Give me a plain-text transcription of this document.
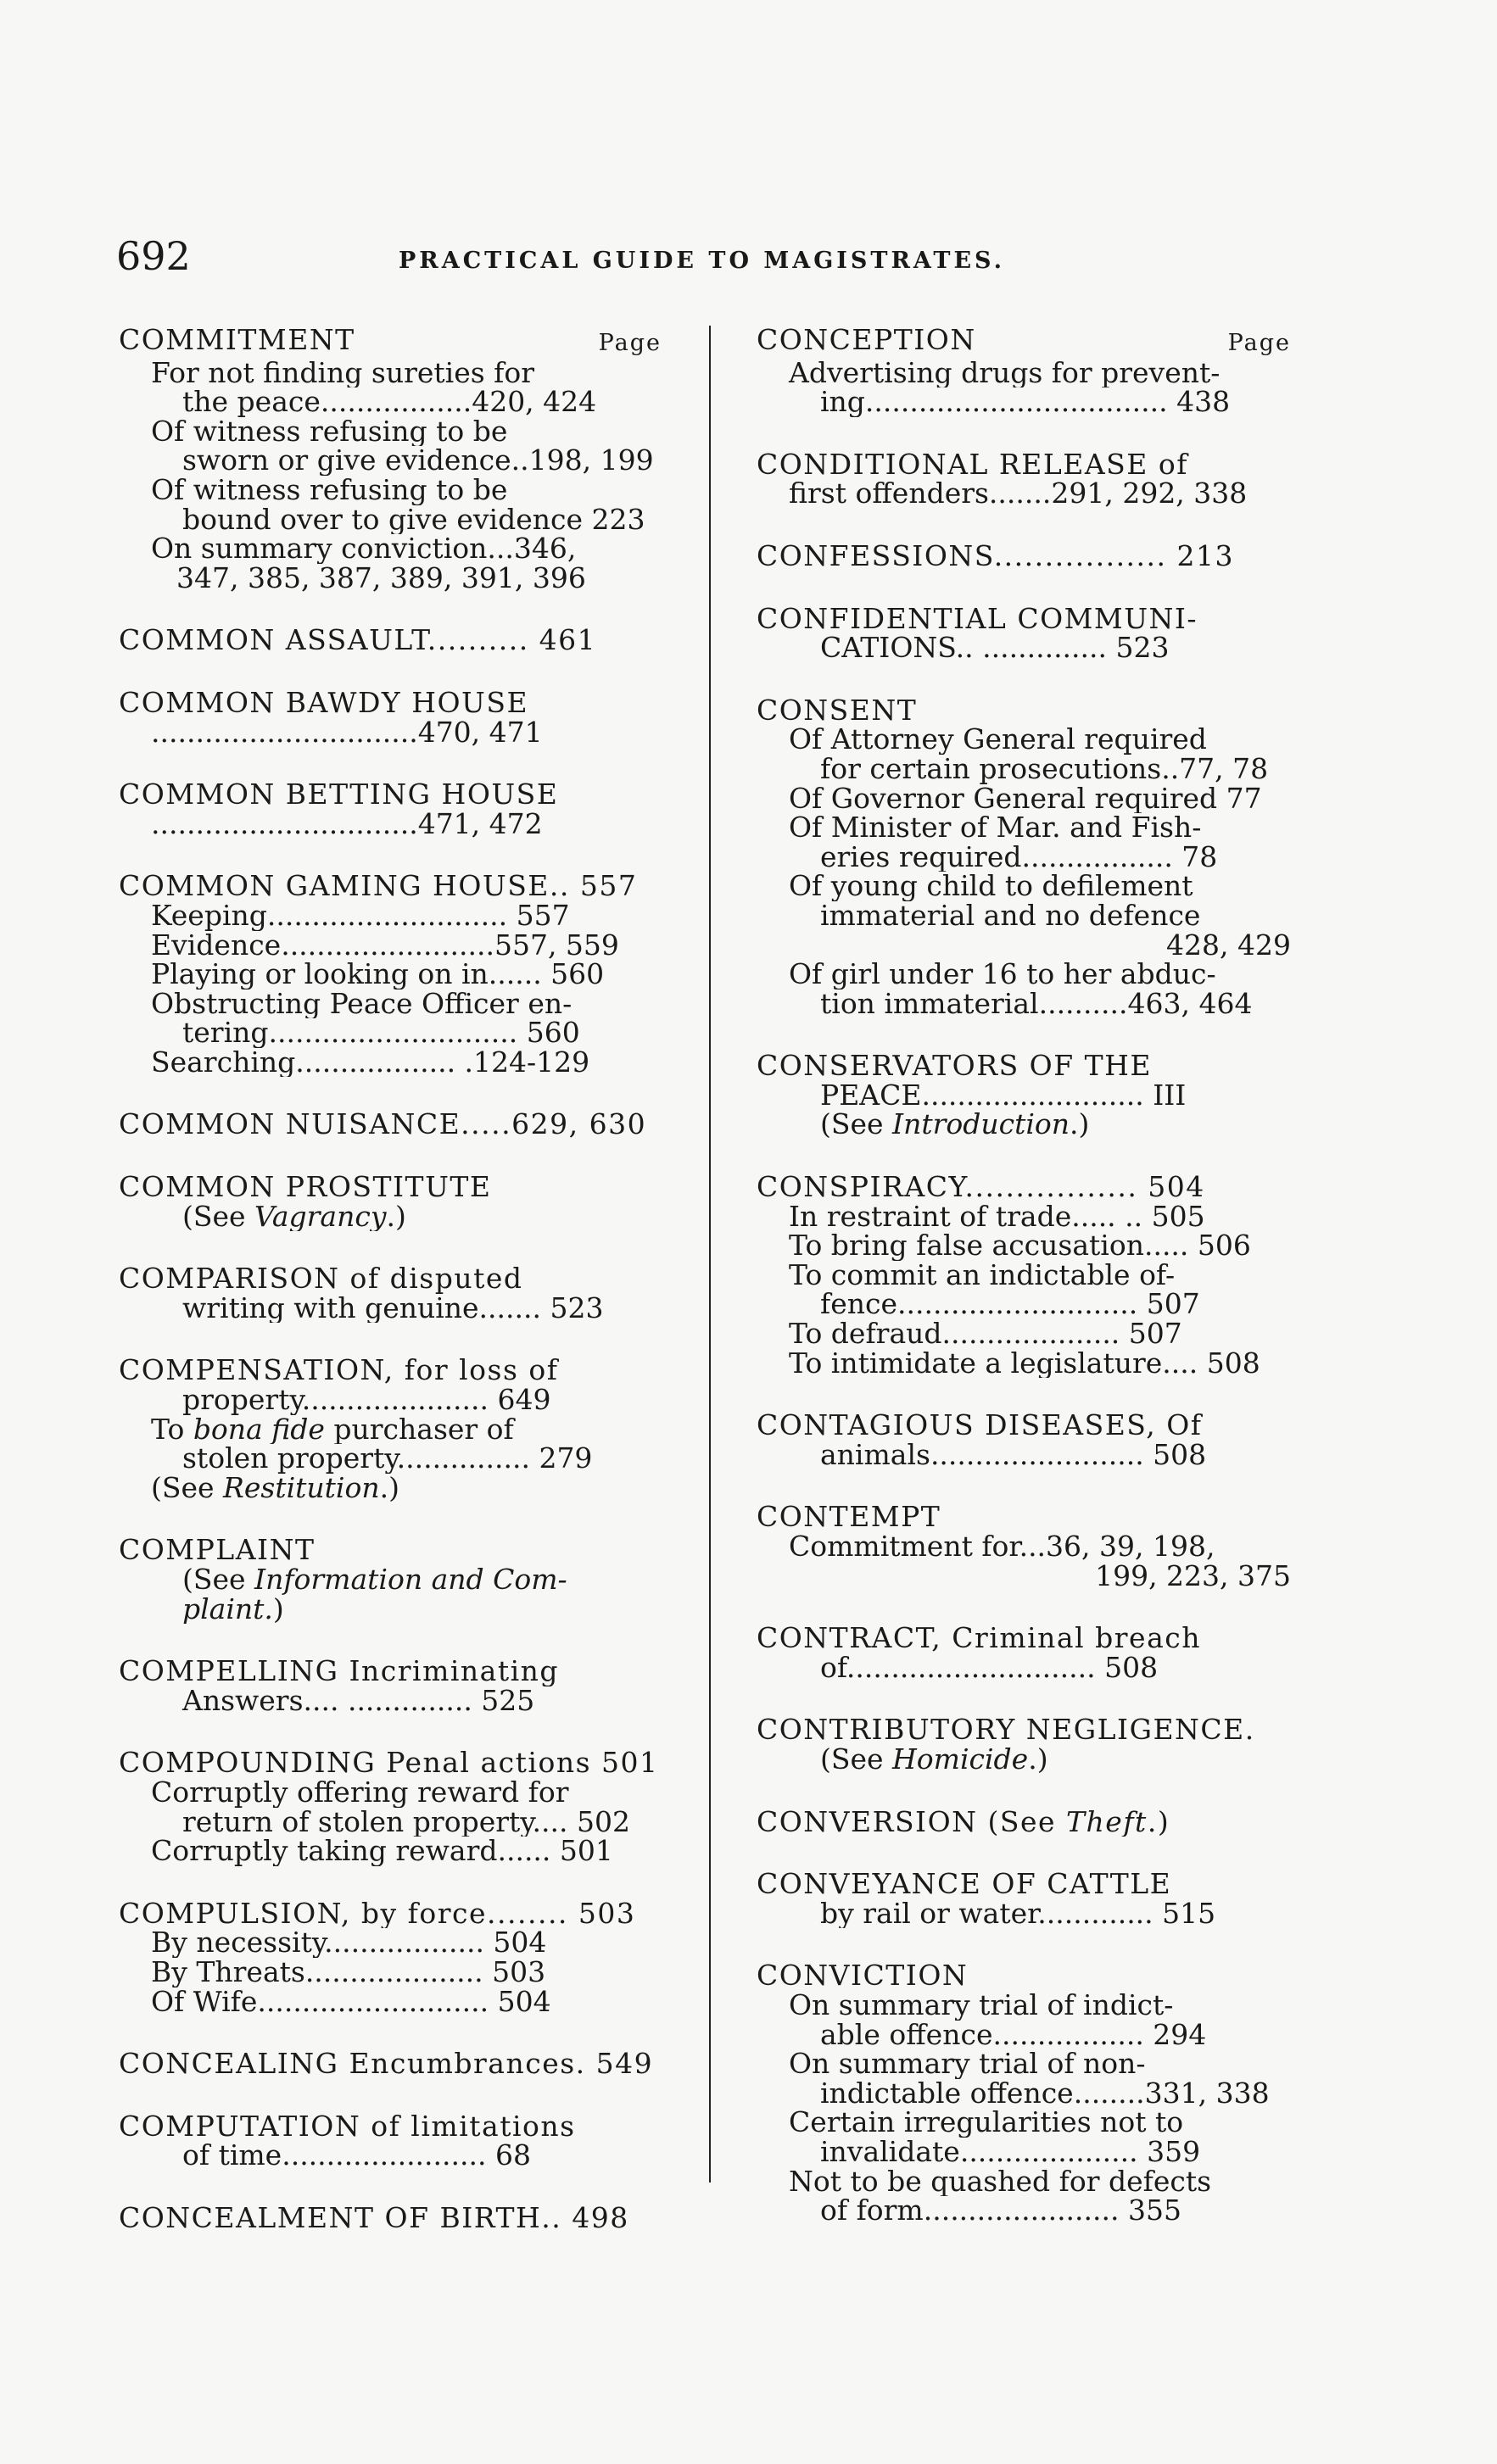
692	PRACTICAL GUIDE TO MAGISTRATES.
Page
COMMITMENT
For not finding sureties for
the peace.................420, 424
Of witness refusing to be
sworn or give evidence..198, 199
Of witness refusing to be
bound over to give evidence 223
On summary conviction...346,
347, 385, 387, 389, 391, 396
COMMON ASSAULT.......... 461
COMMON BAWDY HOUSE
..............................470, 471
COMMON BETTING HOUSE
..............................471, 472
COMMON GAMING HOUSE.. 557
Keeping........................... 557
Evidence........................557, 559
Playing or looking on in...... 560
Obstructing Peace Officer en-
tering............................ 560
Searching.................. .124-129
COMMON NUISANCE.....629, 630
COMMON PROSTITUTE
(See Vagrancy.)
COMPARISON of disputed
writing with genuine....... 523
COMPENSATION, for loss of
property..................... 649
To bona fide purchaser of
stolen property............... 279
(See Restitution.)
COMPLAINT
(See Information and Com-
plaint.)
COMPELLING Incriminating
Answers.... .............. 525
COMPOUNDING Penal actions 501
Corruptly offering reward for
return of stolen property.... 502
Corruptly taking reward...... 501
COMPULSION, by force........ 503
By necessity.................. 504
By Threats.................... 503
Of Wife.......................... 504
CONCEALING Encumbrances. 549
COMPUTATION of limitations
of time....................... 68
CONCEALMENT OF BIRTH.. 498
Page
CONCEPTION
Advertising drugs for prevent-
ing.................................. 438
CONDITIONAL RELEASE of
first offenders.......291, 292, 338
CONFESSIONS................. 213
CONFIDENTIAL COMMUNI-
CATIONS.. .............. 523
CONSENT
Of Attorney General required
for certain prosecutions..77, 78
Of Governor General required 77
Of Minister of Mar. and Fish-
eries required................. 78
Of young child to defilement
immaterial and no defence
428, 429
Of girl under 16 to her abduc-
tion immaterial..........463, 464
CONSERVATORS OF THE
PEACE......................... III
(See Introduction.)
CONSPIRACY................. 504
In restraint of trade..... .. 505
To bring false accusation..... 506
To commit an indictable of-
fence........................... 507
To defraud.................... 507
To intimidate a legislature.... 508
CONTAGIOUS DISEASES, Of
animals........................ 508
CONTEMPT
Commitment for...36, 39, 198,
199, 223, 375
CONTRACT, Criminal breach
of............................ 508
CONTRIBUTORY NEGLIGENCE.
(See Homicide.)
CONVERSION (See Theft.)
CONVEYANCE OF CATTLE
by rail or water............. 515
CONVICTION
On summary trial of indict-
able offence................. 294
On summary trial of non-
indictable offence........331, 338
Certain irregularities not to
invalidate.................... 359
Not to be quashed for defects
of form...................... 355
